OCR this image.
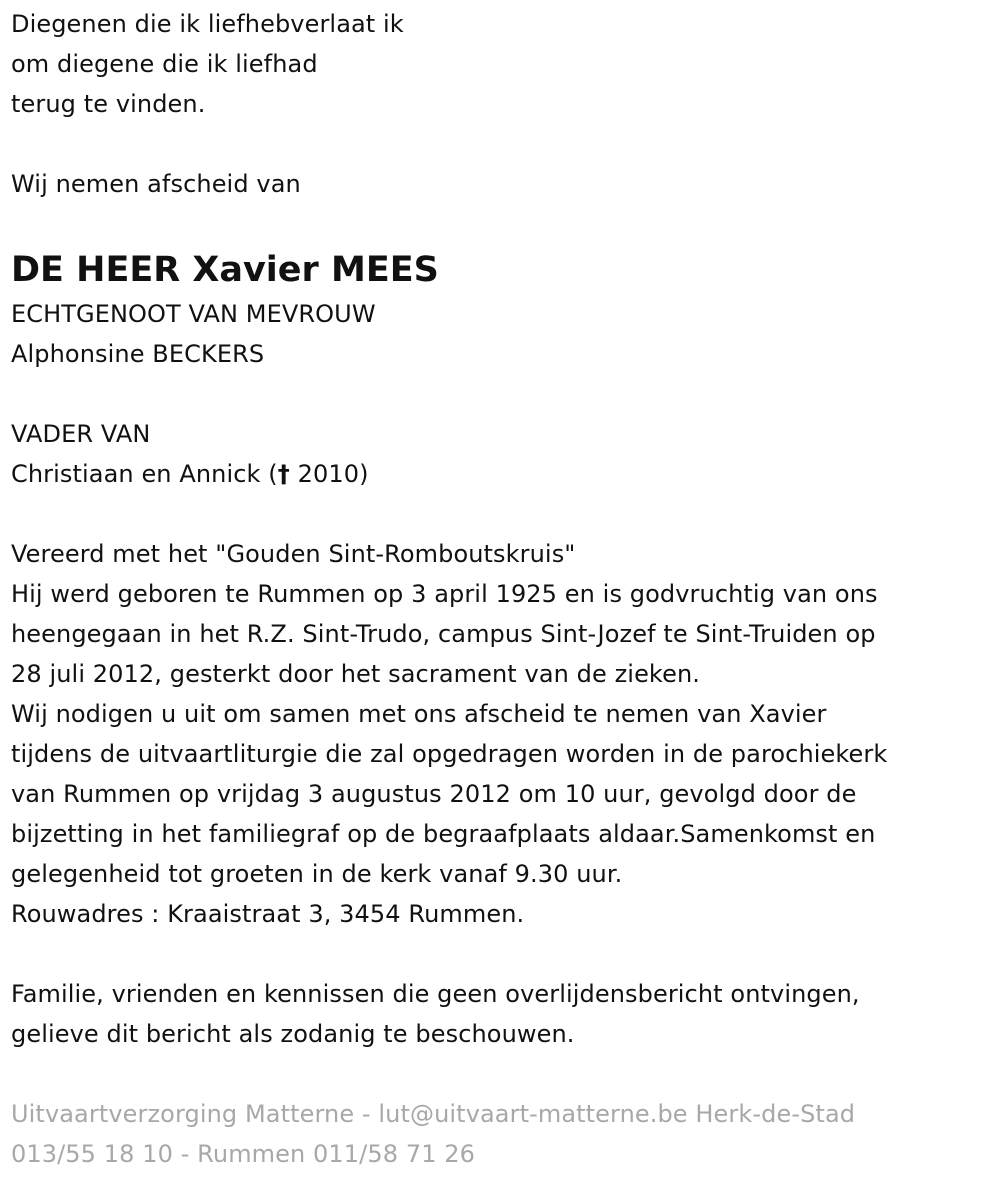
Diegenen die ik liefhebverlaat ik
om diegene die ik liefhad
terug te vinden.
Wij nemen afscheid van
DE HEER Xavier MEES
ECHTGENOOT VAN MEVROUW
Alphonsine BECKERS
VADER VAN
Christiaan en Annick († 2010)
Vereerd met het "Gouden Sint-Romboutskruis"
Hij werd geboren te Rummen op 3 april 1925 en is godvruchtig van ons
heengegaan in het R.Z. Sint-Trudo, campus Sint-Jozef te Sint-Truiden op
28 juli 2012, gesterkt door het sacrament van de zieken.
Wij nodigen u uit om samen met ons afscheid te nemen van Xavier
tijdens de uitvaartliturgie die zal opgedragen worden in de parochiekerk
van Rummen op vrijdag 3 augustus 2012 om 10 uur, gevolgd door de
bijzetting in het familiegraf op de begraafplaats aldaar.Samenkomst en
gelegenheid tot groeten in de kerk vanaf 9.30 uur.
Rouwadres : Kraaistraat 3, 3454 Rummen.
Familie, vrienden en kennissen die geen overlijdensbericht ontvingen,
gelieve dit bericht als zodanig te beschouwen.
Uitvaartverzorging Matterne - lut@uitvaart-matterne.be Herk-de-Stad
013/55 18 10 - Rummen 011/58 71 26
